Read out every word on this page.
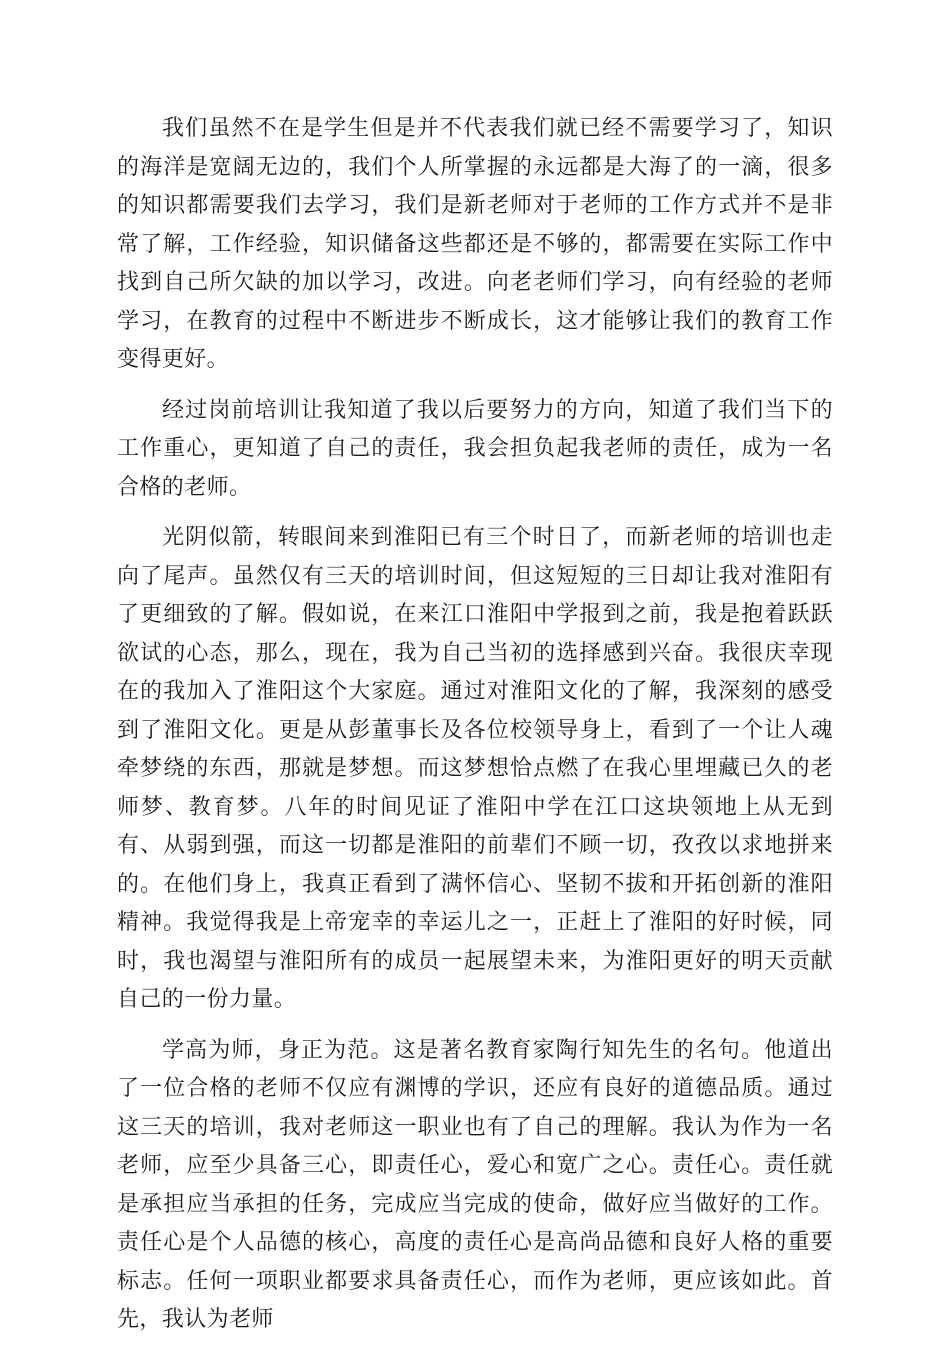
我们虽然不在是学生但是并不代表我们就已经不需要学习了，知识的海洋是宽阔无边的，我们个人所掌握的永远都是大海了的一滴，很多的知识都需要我们去学习，我们是新老师对于老师的工作方式并不是非常了解，工作经验，知识储备这些都还是不够的，都需要在实际工作中找到自己所欠缺的加以学习，改进。向老老师们学习，向有经验的老师学习，在教育的过程中不断进步不断成长，这才能够让我们的教育工作变得更好。

经过岗前培训让我知道了我以后要努力的方向，知道了我们当下的工作重心，更知道了自己的责任，我会担负起我老师的责任，成为一名合格的老师。

光阴似箭，转眼间来到淮阳已有三个时日了，而新老师的培训也走向了尾声。虽然仅有三天的培训时间，但这短短的三日却让我对淮阳有了更细致的了解。假如说，在来江口淮阳中学报到之前，我是抱着跃跃欲试的心态，那么，现在，我为自己当初的选择感到兴奋。我很庆幸现在的我加入了淮阳这个大家庭。通过对淮阳文化的了解，我深刻的感受到了淮阳文化。更是从彭董事长及各位校领导身上，看到了一个让人魂牵梦绕的东西，那就是梦想。而这梦想恰点燃了在我心里埋藏已久的老师梦、教育梦。八年的时间见证了淮阳中学在江口这块领地上从无到有、从弱到强，而这一切都是淮阳的前辈们不顾一切，孜孜以求地拼来的。在他们身上，我真正看到了满怀信心、坚韧不拔和开拓创新的淮阳精神。我觉得我是上帝宠幸的幸运儿之一，正赶上了淮阳的好时候，同时，我也渴望与淮阳所有的成员一起展望未来，为淮阳更好的明天贡献自己的一份力量。

学高为师，身正为范。这是著名教育家陶行知先生的名句。他道出了一位合格的老师不仅应有渊博的学识，还应有良好的道德品质。通过这三天的培训，我对老师这一职业也有了自己的理解。我认为作为一名老师，应至少具备三心，即责任心，爱心和宽广之心。责任心。责任就是承担应当承担的任务，完成应当完成的使命，做好应当做好的工作。责任心是个人品德的核心，高度的责任心是高尚品德和良好人格的重要标志。任何一项职业都要求具备责任心，而作为老师，更应该如此。首先，我认为老师
